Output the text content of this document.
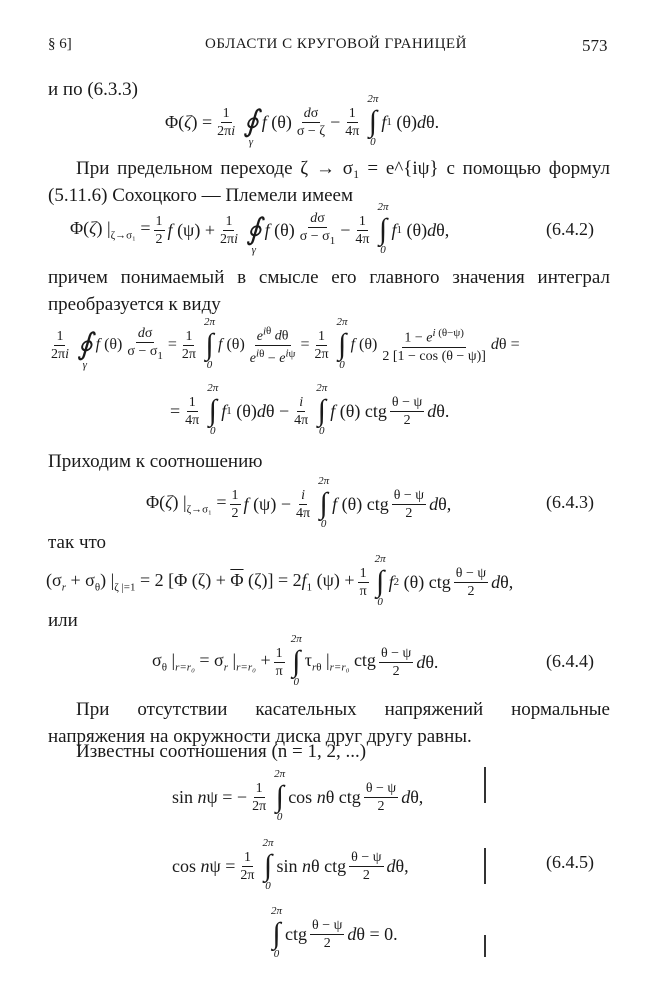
§ 6]	ОБЛАСТИ С КРУГОВОЙ ГРАНИЦЕЙ	573
и по (6.3.3)
$\Phi(\zeta) = \frac{1}{2\pi i}$ ∮
γ
f $(\theta) \frac{d\sigma}{\sigma - \zeta} - \frac{1}{4\pi}$
2π
∫
0
f 1 (θ) d θ.
При предельном переходе ζ → σ₁ = e^{iψ} с помощью формул (5.11.6) Сохоцкого — Племели имеем
Φ(ζ) $|_{\zeta\to\sigma_1} = \frac{1}{2}$ f $(\psi) + \frac{1}{2\pi i}$ ∮
γ
f $(\theta) \frac{d\sigma}{\sigma - \sigma_1} - \frac{1}{4\pi}$
2π
∫
0
f 1 (θ) d θ,	(6.4.2)
причем понимаемый в смысле его главного значения интеграл преобразуется к виду
$\frac{1}{2\pi i}$ ∮
γ
f $(\theta) \frac{d\sigma}{\sigma - \sigma_1} = \frac{1}{2\pi}$
2π
∫
0
f $(\theta) \frac{e^{i\theta} d\theta}{e^{i\theta} - e^{i\psi}} = \frac{1}{2\pi}$
2π
∫
0
f $(\theta) \frac{1 - e^{i (\theta-\psi)}}{2 [1 - \cos (\theta - \psi)]}$ d θ =
= $\frac{1}{4\pi}$
2π
∫
0
f 1 (θ) d $\theta - \frac{i}{4\pi}$
2π
∫
0
f (θ) ctg $\frac{\theta - \psi}{2}$ d θ.
Приходим к соотношению
Φ(ζ) $|_{\zeta\to\sigma_1} = \frac{1}{2}$ f $(\psi) - \frac{i}{4\pi}$
2π
∫
0
f (θ) ctg $\frac{\theta - \psi}{2}$ d θ,	(6.4.3)
так что
$(\sigma_r + \sigma_\theta) |_{\zeta |=1} = 2$ [Φ $(\zeta) + \overline{\Phi}$ $(\zeta)] = 2f_1$ $(\psi) + \frac{1}{\pi}$
2π
∫
0
f 2 (θ) ctg $\frac{\theta - \psi}{2}$ d θ,
или
$\sigma_\theta$ $|_{r=r_0} = \sigma_r$ $|_{r=r_0} + \frac{1}{\pi}$
2π
∫
0
$\tau_{r\theta}$ $|_{r=r_0}$ ctg $\frac{\theta - \psi}{2}$ d θ.	(6.4.4)
При отсутствии касательных напряжений нормальные напряжения на окружности диска друг другу равны.
Известны соотношения (n = 1, 2, ...)
sin nψ = − $\frac{1}{2\pi}$
2π
∫
0
cos nθ ctg $\frac{\theta - \psi}{2}$ d θ,
$\cos n\psi = \frac{1}{2\pi}$
2π
∫
0
sin nθ ctg $\frac{\theta - \psi}{2}$ d θ,	(6.4.5)
2π
∫
0
ctg $\frac{\theta - \psi}{2}$ d θ = 0.
